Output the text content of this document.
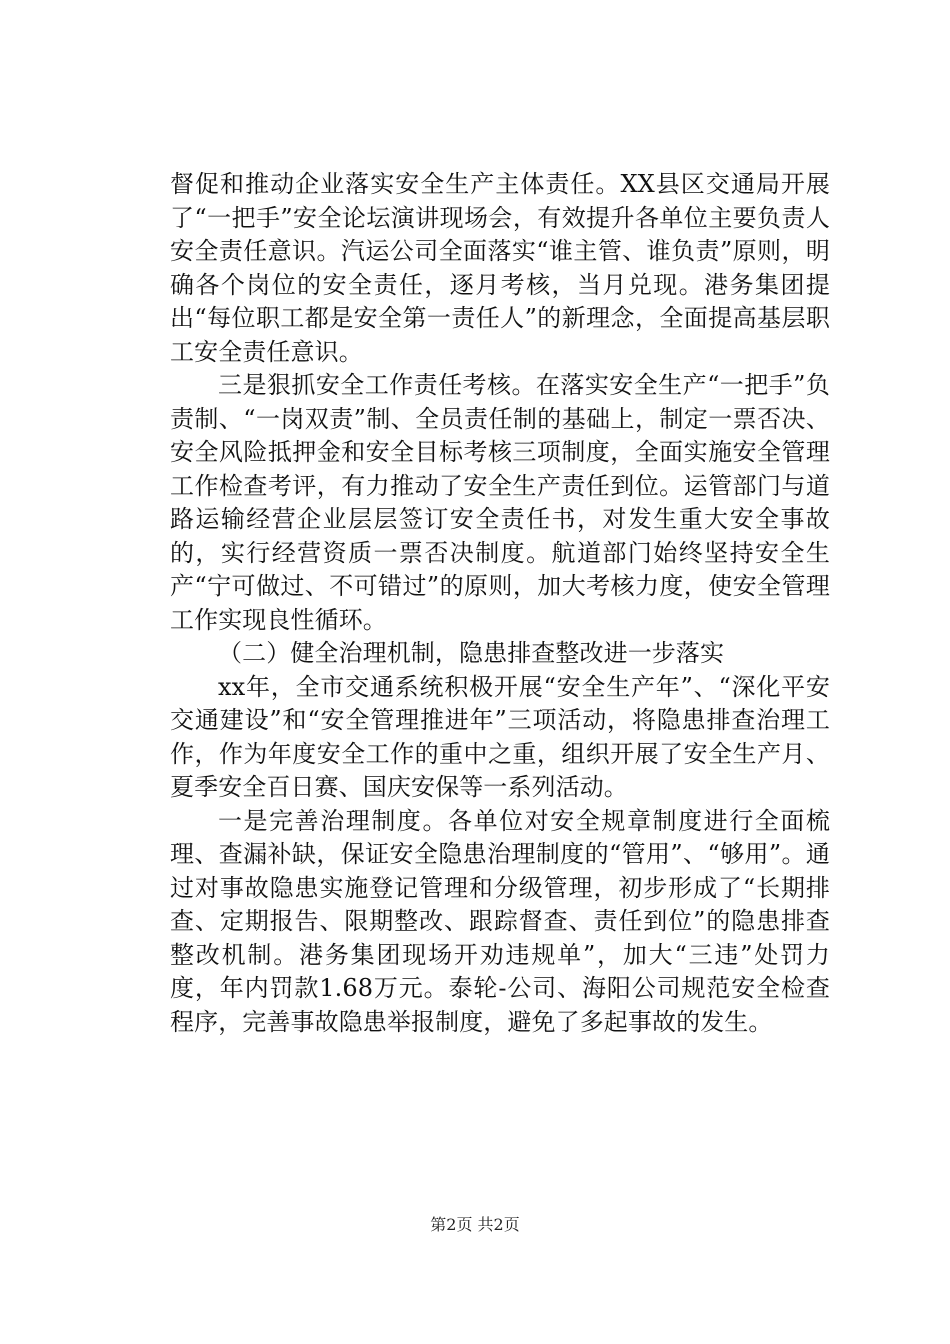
督促和推动企业落实安全生产主体责任。XX县区交通局开展了“一把手”安全论坛演讲现场会，有效提升各单位主要负责人安全责任意识。汽运公司全面落实“谁主管、谁负责”原则，明确各个岗位的安全责任，逐月考核，当月兑现。港务集团提出“每位职工都是安全第一责任人”的新理念，全面提高基层职工安全责任意识。

三是狠抓安全工作责任考核。在落实安全生产“一把手”负责制、“一岗双责”制、全员责任制的基础上，制定一票否决、安全风险抵押金和安全目标考核三项制度，全面实施安全管理工作检查考评，有力推动了安全生产责任到位。运管部门与道路运输经营企业层层签订安全责任书，对发生重大安全事故的，实行经营资质一票否决制度。航道部门始终坚持安全生产“宁可做过、不可错过”的原则，加大考核力度，使安全管理工作实现良性循环。

（二）健全治理机制，隐患排查整改进一步落实

xx年，全市交通系统积极开展“安全生产年”、“深化平安交通建设”和“安全管理推进年”三项活动，将隐患排查治理工作，作为年度安全工作的重中之重，组织开展了安全生产月、夏季安全百日赛、国庆安保等一系列活动。

一是完善治理制度。各单位对安全规章制度进行全面梳理、查漏补缺，保证安全隐患治理制度的“管用”、“够用”。通过对事故隐患实施登记管理和分级管理，初步形成了“长期排查、定期报告、限期整改、跟踪督查、责任到位”的隐患排查整改机制。港务集团现场开劝违规单”，加大“三违”处罚力度，年内罚款1.68万元。泰轮-公司、海阳公司规范安全检查程序，完善事故隐患举报制度，避免了多起事故的发生。

第2页 共2页
